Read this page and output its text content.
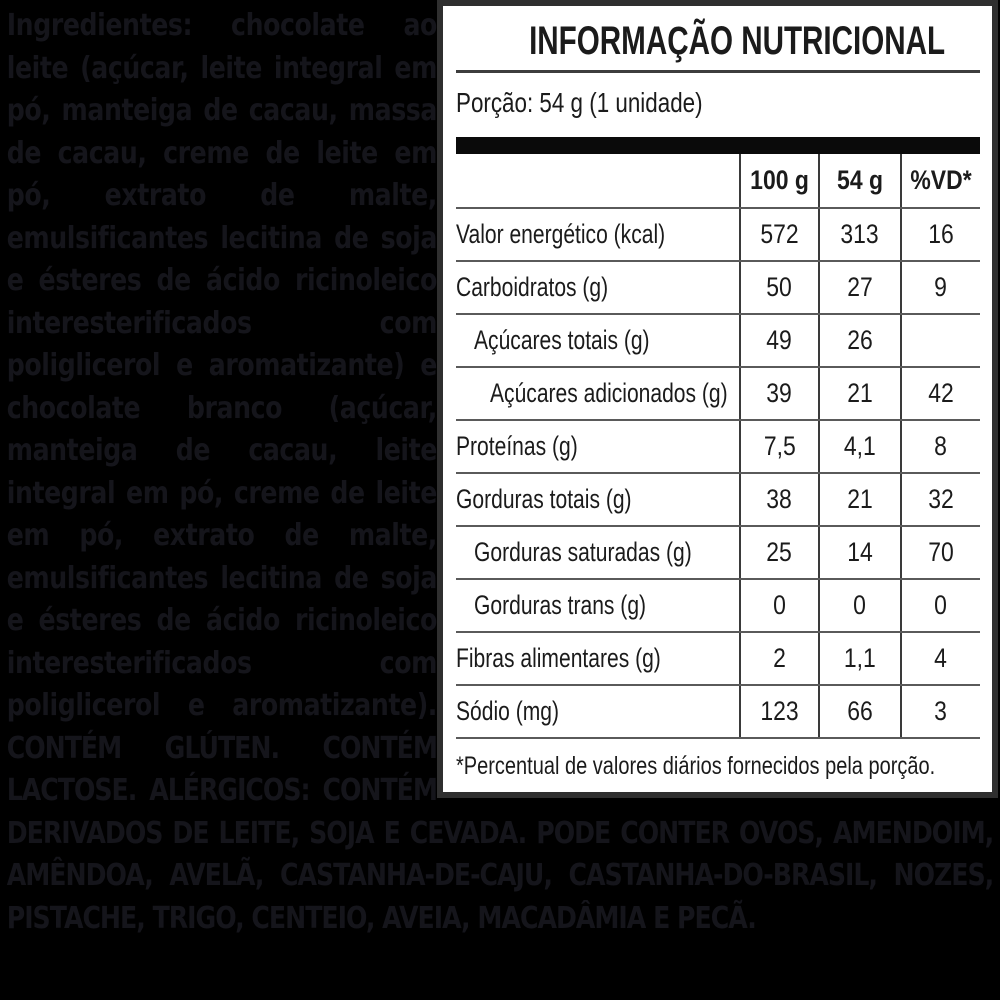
Ingredientes: chocolate ao leite (açúcar, leite integral em pó, manteiga de cacau, massa de cacau, creme de leite em pó, extrato de malte, emulsificantes lecitina de soja e ésteres de ácido ricinoleico interesterificados com poliglicerol e aromatizante) e chocolate branco (açúcar, manteiga de cacau, leite integral em pó, creme de leite em pó, extrato de malte, emulsificantes lecitina de soja e ésteres de ácido ricinoleico interesterificados com poliglicerol e aromatizante). CONTÉM GLÚTEN. CONTÉM LACTOSE. ALÉRGICOS: CONTÉM DERIVADOS DE LEITE, SOJA E CEVADA. PODE CONTER OVOS, AMENDOIM, AMÊNDOA, AVELÃ, CASTANHA-DE-CAJU, CASTANHA-DO-BRASIL, NOZES, PISTACHE, TRIGO, CENTEIO, AVEIA, MACADÂMIA E PECÃ.

INFORMAÇÃO NUTRICIONAL
Porção: 54 g (1 unidade)
100 g 54 g %VD*
Valor energético (kcal)	572 313 16
Carboidratos (g)	50 27 9
Açúcares totais (g)	49 26
Açúcares adicionados (g) 39 21 42
Proteínas (g)	7,5 4,1 8
Gorduras totais (g)	38 21 32
Gorduras saturadas (g)	25 14 70
Gorduras trans (g)	0	0	0
Fibras alimentares (g)	2 1,1 4
Sódio (mg)	123 66 3
*Percentual de valores diários fornecidos pela porção.
